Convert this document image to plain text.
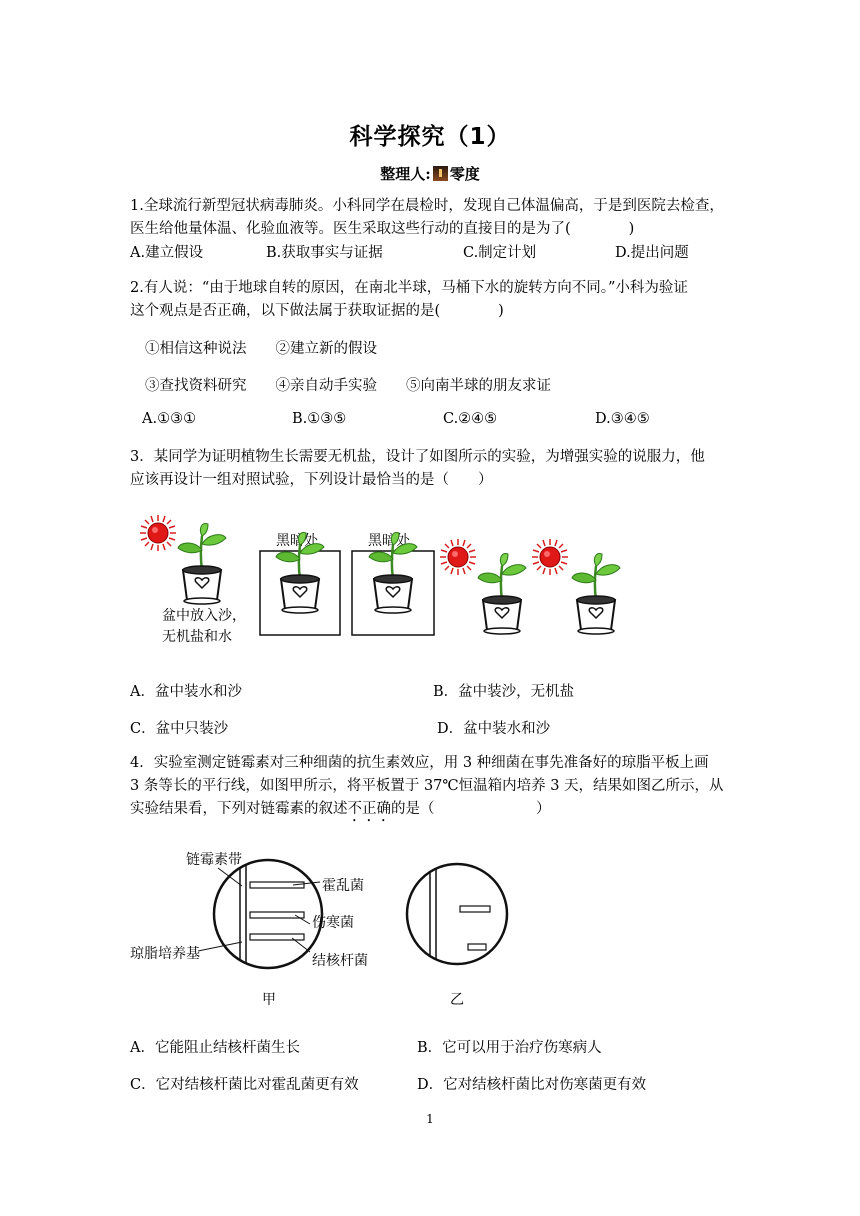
科学探究（1）
整理人: 零度
1.全球流行新型冠状病毒肺炎。小科同学在晨检时，发现自己体温偏高，于是到医院去检查，
医生给他量体温、化验血液等。医生采取这些行动的直接目的是为了(　　　　)
A.建立假设	B.获取事实与证据	C.制定计划	D.提出问题
2.有人说：“由于地球自转的原因，在南北半球，马桶下水的旋转方向不同。”小科为验证
这个观点是否正确，以下做法属于获取证据的是(　　　　)
①相信这种说法　　②建立新的假设
③查找资料研究　　④亲自动手实验　　⑤向南半球的朋友求证
A.①③①	B.①③⑤	C.②④⑤	D.③④⑤
3．某同学为证明植物生长需要无机盐，设计了如图所示的实验，为增强实验的说服力，他
应该再设计一组对照试验，下列设计最恰当的是（　　）
盆中放入沙，
无机盐和水
黑暗处	黑暗处
A．盆中装水和沙	B．盆中装沙，无机盐
C．盆中只装沙	D．盆中装水和沙
4．实验室测定链霉素对三种细菌的抗生素效应，用 3 种细菌在事先准备好的琼脂平板上画
3 条等长的平行线，如图甲所示，将平板置于 37℃恒温箱内培养 3 天，结果如图乙所示，从
实验结果看，下列对链霉素的叙述不正确的是（　　　　　　　）
链霉素带
琼脂培养基
霍乱菌
伤寒菌
结核杆菌
甲	乙
A．它能阻止结核杆菌生长	B．它可以用于治疗伤寒病人
C．它对结核杆菌比对霍乱菌更有效	D．它对结核杆菌比对伤寒菌更有效
1
